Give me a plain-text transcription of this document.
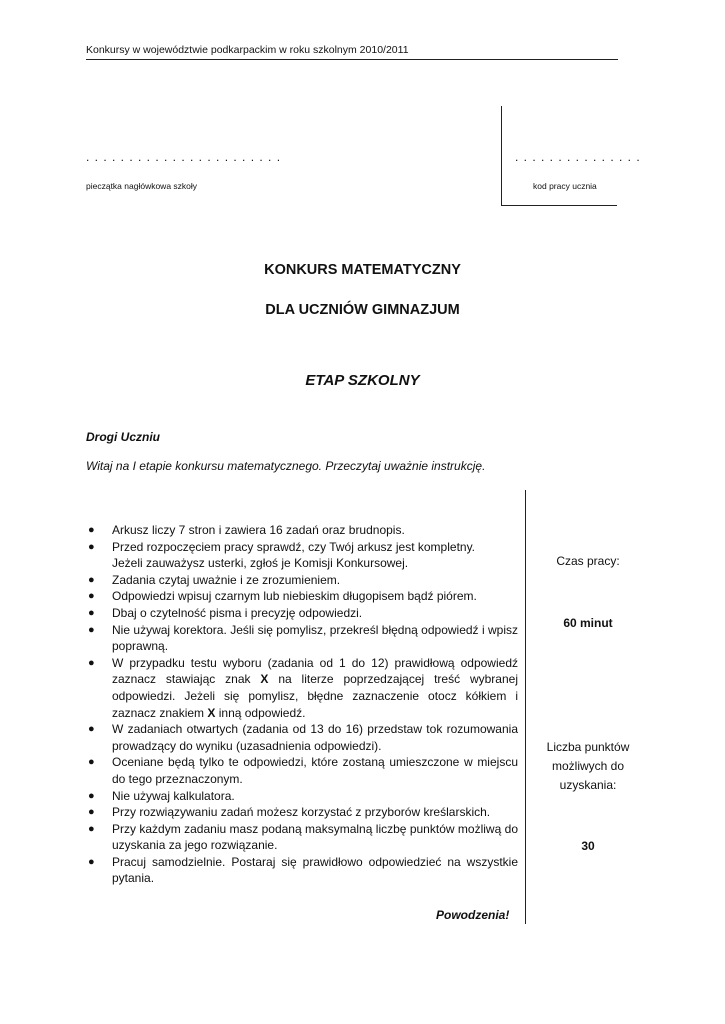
Konkursy w województwie podkarpackim w roku szkolnym 2010/2011
. . . . . . . . . . . . . . . . . . . . . . .
pieczątka nagłówkowa szkoły
. . . . . . . . . . . . . . .
kod pracy ucznia
KONKURS MATEMATYCZNY
DLA UCZNIÓW GIMNAZJUM
ETAP SZKOLNY
Drogi Uczniu
Witaj na I etapie konkursu matematycznego. Przeczytaj uważnie instrukcję.
● Arkusz liczy 7 stron i zawiera 16 zadań oraz brudnopis.
● Przed rozpoczęciem pracy sprawdź, czy Twój arkusz jest kompletny.
Jeżeli zauważysz usterki, zgłoś je Komisji Konkursowej.
● Zadania czytaj uważnie i ze zrozumieniem.
● Odpowiedzi wpisuj czarnym lub niebieskim długopisem bądź piórem.
● Dbaj o czytelność pisma i precyzję odpowiedzi.
● Nie używaj korektora. Jeśli się pomylisz, przekreśl błędną odpowiedź i wpisz poprawną.
● W przypadku testu wyboru (zadania od 1 do 12) prawidłową odpowiedź zaznacz stawiając znak X na literze poprzedzającej treść wybranej odpowiedzi. Jeżeli się pomylisz, błędne zaznaczenie otocz kółkiem i zaznacz znakiem X inną odpowiedź.
● W zadaniach otwartych (zadania od 13 do 16) przedstaw tok rozumowania prowadzący do wyniku (uzasadnienia odpowiedzi).
● Oceniane będą tylko te odpowiedzi, które zostaną umieszczone w miejscu do tego przeznaczonym.
● Nie używaj kalkulatora.
● Przy rozwiązywaniu zadań możesz korzystać z przyborów kreślarskich.
● Przy każdym zadaniu masz podaną maksymalną liczbę punktów możliwą do uzyskania za jego rozwiązanie.
● Pracuj samodzielnie. Postaraj się prawidłowo odpowiedzieć na wszystkie pytania.
Powodzenia!
Czas pracy:
60 minut
Liczba punktów możliwych do uzyskania:
30
